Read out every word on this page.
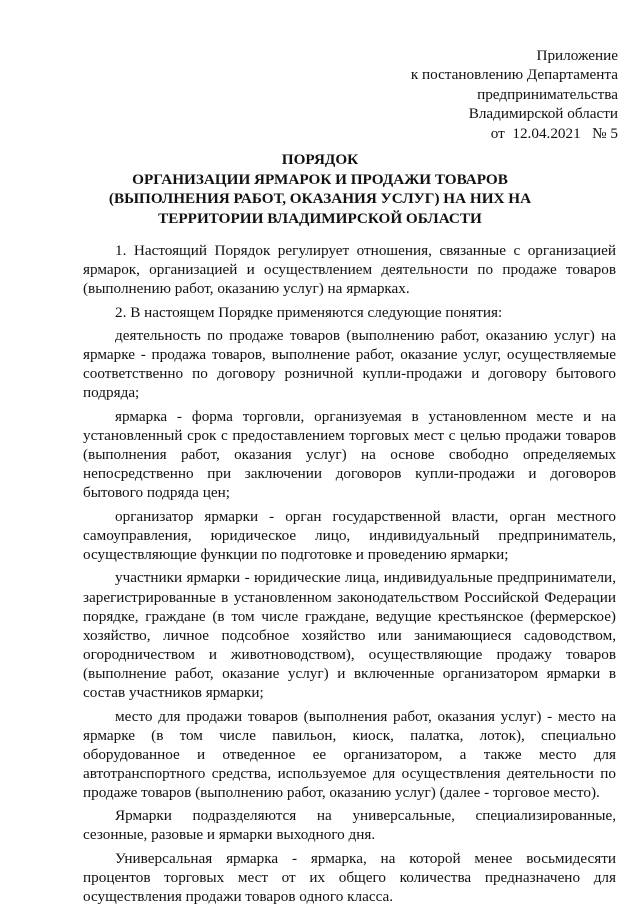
Приложение
к постановлению Департамента
предпринимательства
Владимирской области
от  12.04.2021   № 5
ПОРЯДОК
ОРГАНИЗАЦИИ ЯРМАРОК И ПРОДАЖИ ТОВАРОВ (ВЫПОЛНЕНИЯ РАБОТ, ОКАЗАНИЯ УСЛУГ) НА НИХ НА ТЕРРИТОРИИ ВЛАДИМИРСКОЙ ОБЛАСТИ

1. Настоящий Порядок регулирует отношения, связанные с организацией ярмарок, организацией и осуществлением деятельности по продаже товаров (выполнению работ, оказанию услуг) на ярмарках.

2. В настоящем Порядке применяются следующие понятия:

деятельность по продаже товаров (выполнению работ, оказанию услуг) на ярмарке - продажа товаров, выполнение работ, оказание услуг, осуществляемые соответственно по договору розничной купли-продажи и договору бытового подряда;

ярмарка - форма торговли, организуемая в установленном месте и на установленный срок с предоставлением торговых мест с целью продажи товаров (выполнения работ, оказания услуг) на основе свободно определяемых непосредственно при заключении договоров купли-продажи и договоров бытового подряда цен;

организатор ярмарки - орган государственной власти, орган местного самоуправления, юридическое лицо, индивидуальный предприниматель, осуществляющие функции по подготовке и проведению ярмарки;

участники ярмарки - юридические лица, индивидуальные предприниматели, зарегистрированные в установленном законодательством Российской Федерации порядке, граждане (в том числе граждане, ведущие крестьянское (фермерское) хозяйство, личное подсобное хозяйство или занимающиеся садоводством, огородничеством и животноводством), осуществляющие продажу товаров (выполнение работ, оказание услуг) и включенные организатором ярмарки в состав участников ярмарки;

место для продажи товаров (выполнения работ, оказания услуг) - место на ярмарке (в том числе павильон, киоск, палатка, лоток), специально оборудованное и отведенное ее организатором, а также место для автотранспортного средства, используемое для осуществления деятельности по продаже товаров (выполнению работ, оказанию услуг) (далее - торговое место).

Ярмарки подразделяются на универсальные, специализированные, сезонные, разовые и ярмарки выходного дня.

Универсальная ярмарка - ярмарка, на которой менее восьмидесяти процентов торговых мест от их общего количества предназначено для осуществления продажи товаров одного класса.
